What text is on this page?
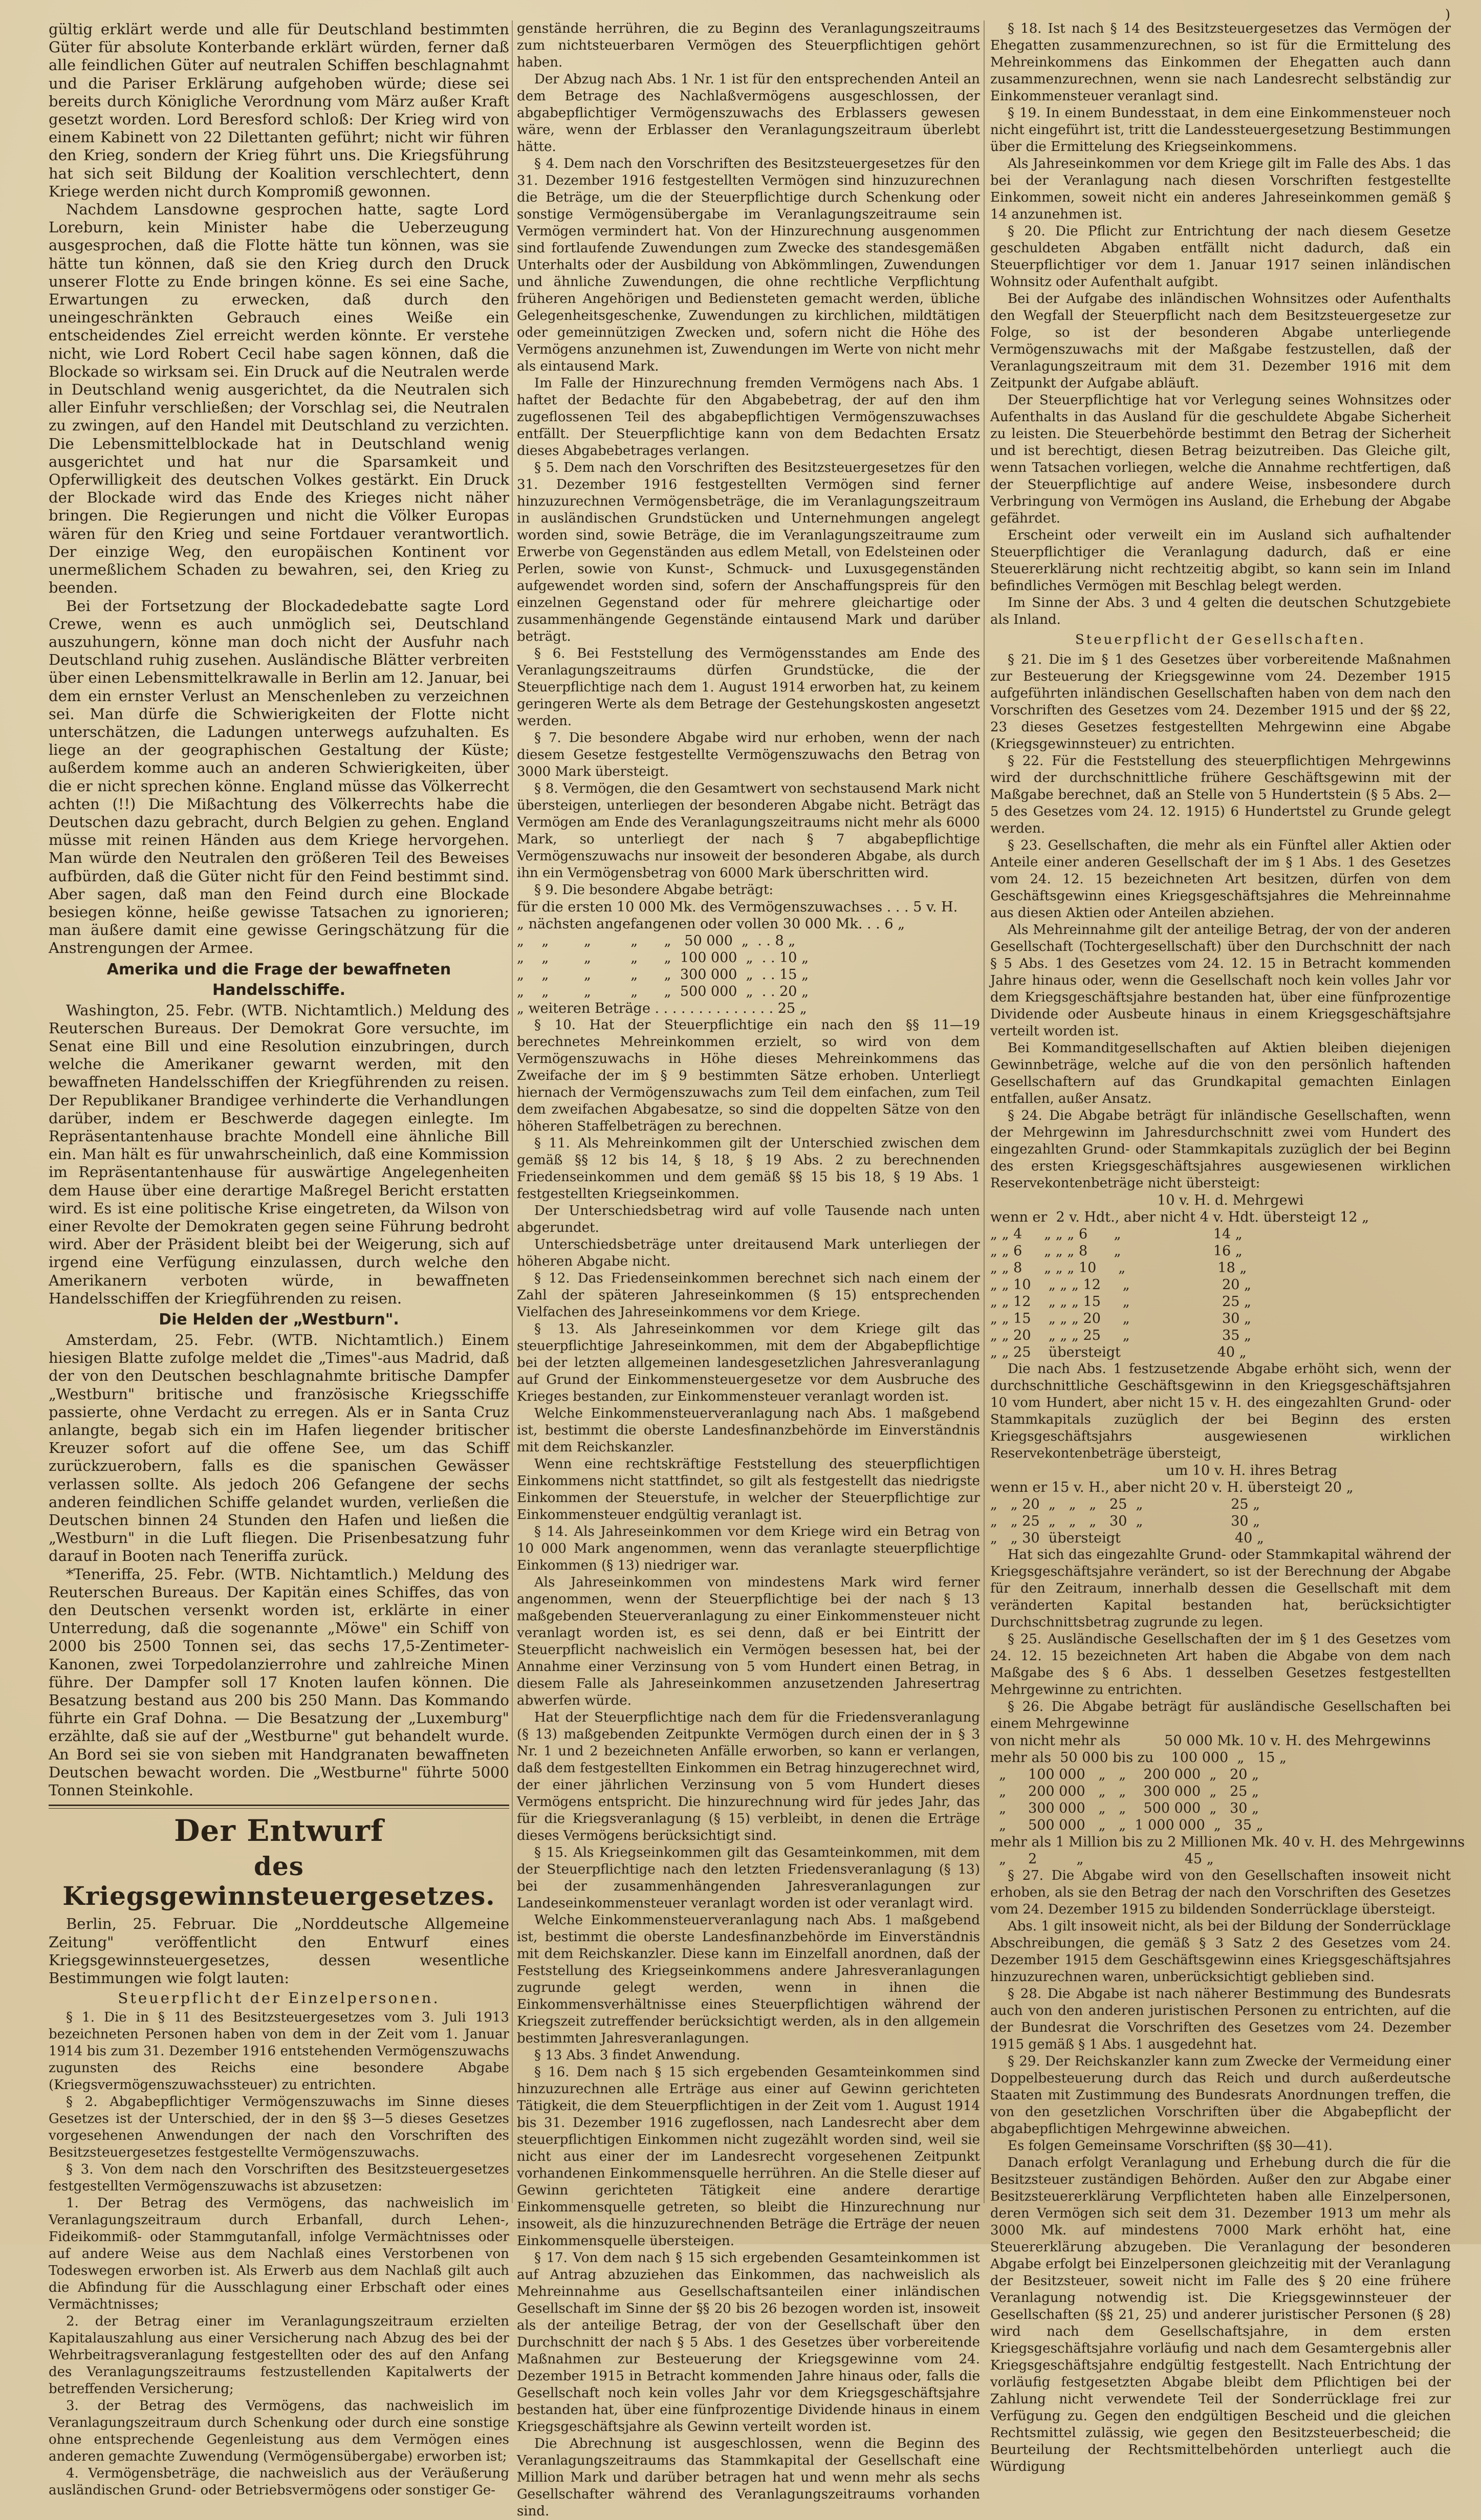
)

gültig erklärt werde und alle für Deutschland bestimmten Güter für absolute Konterbande erklärt würden, ferner daß alle feindlichen Güter auf neutralen Schiffen beschlagnahmt und die Pariser Erklärung aufgehoben würde; diese sei bereits durch Königliche Verordnung vom März außer Kraft gesetzt worden. Lord Beresford schloß: Der Krieg wird von einem Kabinett von 22 Dilettanten geführt; nicht wir führen den Krieg, sondern der Krieg führt uns. Die Kriegsführung hat sich seit Bildung der Koalition verschlechtert, denn Kriege werden nicht durch Kompromiß gewonnen.

Nachdem Lansdowne gesprochen hatte, sagte Lord Loreburn, kein Minister habe die Ueberzeugung ausgesprochen, daß die Flotte hätte tun können, was sie hätte tun können, daß sie den Krieg durch den Druck unserer Flotte zu Ende bringen könne. Es sei eine Sache, Erwartungen zu erwecken, daß durch den uneingeschränkten Gebrauch eines Weiße ein entscheidendes Ziel erreicht werden könnte. Er verstehe nicht, wie Lord Robert Cecil habe sagen können, daß die Blockade so wirksam sei. Ein Druck auf die Neutralen werde in Deutschland wenig ausgerichtet, da die Neutralen sich aller Einfuhr verschließen; der Vorschlag sei, die Neutralen zu zwingen, auf den Handel mit Deutschland zu verzichten. Die Lebensmittelblockade hat in Deutschland wenig ausgerichtet und hat nur die Sparsamkeit und Opferwilligkeit des deutschen Volkes gestärkt. Ein Druck der Blockade wird das Ende des Krieges nicht näher bringen. Die Regierungen und nicht die Völker Europas wären für den Krieg und seine Fortdauer verantwortlich. Der einzige Weg, den europäischen Kontinent vor unermeßlichem Schaden zu bewahren, sei, den Krieg zu beenden.

Bei der Fortsetzung der Blockadedebatte sagte Lord Crewe, wenn es auch unmöglich sei, Deutschland auszuhungern, könne man doch nicht der Ausfuhr nach Deutschland ruhig zusehen. Ausländische Blätter verbreiten über einen Lebensmittelkrawalle in Berlin am 12. Januar, bei dem ein ernster Verlust an Menschenleben zu verzeichnen sei. Man dürfe die Schwierigkeiten der Flotte nicht unterschätzen, die Ladungen unterwegs aufzuhalten. Es liege an der geographischen Gestaltung der Küste; außerdem komme auch an anderen Schwierigkeiten, über die er nicht sprechen könne. England müsse das Völkerrecht achten (!!) Die Mißachtung des Völkerrechts habe die Deutschen dazu gebracht, durch Belgien zu gehen. England müsse mit reinen Händen aus dem Kriege hervorgehen. Man würde den Neutralen den größeren Teil des Beweises aufbürden, daß die Güter nicht für den Feind bestimmt sind. Aber sagen, daß man den Feind durch eine Blockade besiegen könne, heiße gewisse Tatsachen zu ignorieren; man äußere damit eine gewisse Geringschätzung für die Anstrengungen der Armee.

Amerika und die Frage der bewaffneten
Handelsschiffe.

Washington, 25. Febr. (WTB. Nichtamtlich.) Meldung des Reuterschen Bureaus. Der Demokrat Gore versuchte, im Senat eine Bill und eine Resolution einzubringen, durch welche die Amerikaner gewarnt werden, mit den bewaffneten Handelsschiffen der Kriegführenden zu reisen. Der Republikaner Brandigee verhinderte die Verhandlungen darüber, indem er Beschwerde dagegen einlegte. Im Repräsentantenhause brachte Mondell eine ähnliche Bill ein. Man hält es für unwahrscheinlich, daß eine Kommission im Repräsentantenhause für auswärtige Angelegenheiten dem Hause über eine derartige Maßregel Bericht erstatten wird. Es ist eine politische Krise eingetreten, da Wilson von einer Revolte der Demokraten gegen seine Führung bedroht wird. Aber der Präsident bleibt bei der Weigerung, sich auf irgend eine Verfügung einzulassen, durch welche den Amerikanern verboten würde, in bewaffneten Handelsschiffen der Kriegführenden zu reisen.

Die Helden der „Westburn".

Amsterdam, 25. Febr. (WTB. Nichtamtlich.) Einem hiesigen Blatte zufolge meldet die „Times"-aus Madrid, daß der von den Deutschen beschlagnahmte britische Dampfer „Westburn" britische und französische Kriegsschiffe passierte, ohne Verdacht zu erregen. Als er in Santa Cruz anlangte, begab sich ein im Hafen liegender britischer Kreuzer sofort auf die offene See, um das Schiff zurückzuerobern, falls es die spanischen Gewässer verlassen sollte. Als jedoch 206 Gefangene der sechs anderen feindlichen Schiffe gelandet wurden, verließen die Deutschen binnen 24 Stunden den Hafen und ließen die „Westburn" in die Luft fliegen. Die Prisenbesatzung fuhr darauf in Booten nach Teneriffa zurück.

*Teneriffa, 25. Febr. (WTB. Nichtamtlich.) Meldung des Reuterschen Bureaus. Der Kapitän eines Schiffes, das von den Deutschen versenkt worden ist, erklärte in einer Unterredung, daß die sogenannte „Möwe" ein Schiff von 2000 bis 2500 Tonnen sei, das sechs 17,5-Zentimeter-Kanonen, zwei Torpedolanzierrohre und zahlreiche Minen führe. Der Dampfer soll 17 Knoten laufen können. Die Besatzung bestand aus 200 bis 250 Mann. Das Kommando führte ein Graf Dohna. — Die Besatzung der „Luxemburg" erzählte, daß sie auf der „Westburne" gut behandelt wurde. An Bord sei sie von sieben mit Handgranaten bewaffneten Deutschen bewacht worden. Die „Westburne" führte 5000 Tonnen Steinkohle.

Der Entwurf
des Kriegsgewinnsteuergesetzes.

Berlin, 25. Februar. Die „Norddeutsche Allgemeine Zeitung" veröffentlicht den Entwurf eines Kriegsgewinnsteuergesetzes, dessen wesentliche Bestimmungen wie folgt lauten:

Steuerpflicht der Einzelpersonen.

§ 1. Die in § 11 des Besitzsteuergesetzes vom 3. Juli 1913 bezeichneten Personen haben von dem in der Zeit vom 1. Januar 1914 bis zum 31. Dezember 1916 entstehenden Vermögenszuwachs zugunsten des Reichs eine besondere Abgabe (Kriegsvermögenszuwachssteuer) zu entrichten.

§ 2. Abgabepflichtiger Vermögenszuwachs im Sinne dieses Gesetzes ist der Unterschied, der in den §§ 3—5 dieses Gesetzes vorgesehenen Anwendungen der nach den Vorschriften des Besitzsteuergesetzes festgestellte Vermögenszuwachs.

§ 3. Von dem nach den Vorschriften des Besitzsteuergesetzes festgestellten Vermögenszuwachs ist abzusetzen:

1. Der Betrag des Vermögens, das nachweislich im Veranlagungszeitraum durch Erbanfall, durch Lehen-, Fideikommiß- oder Stammgutanfall, infolge Vermächtnisses oder auf andere Weise aus dem Nachlaß eines Verstorbenen von Todeswegen erworben ist. Als Erwerb aus dem Nachlaß gilt auch die Abfindung für die Ausschlagung einer Erbschaft oder eines Vermächtnisses;

2. der Betrag einer im Veranlagungszeitraum erzielten Kapitalauszahlung aus einer Versicherung nach Abzug des bei der Wehrbeitragsveranlagung festgestellten oder des auf den Anfang des Veranlagungszeitraums festzustellenden Kapitalwerts der betreffenden Versicherung;

3. der Betrag des Vermögens, das nachweislich im Veranlagungszeitraum durch Schenkung oder durch eine sonstige ohne entsprechende Gegenleistung aus dem Vermögen eines anderen gemachte Zuwendung (Vermögensübergabe) erworben ist;

4. Vermögensbeträge, die nachweislich aus der Veräußerung ausländischen Grund- oder Betriebsvermögens oder sonstiger Ge-

genstände herrühren, die zu Beginn des Veranlagungszeitraums zum nichtsteuerbaren Vermögen des Steuerpflichtigen gehört haben.

Der Abzug nach Abs. 1 Nr. 1 ist für den entsprechenden Anteil an dem Betrage des Nachlaßvermögens ausgeschlossen, der abgabepflichtiger Vermögenszuwachs des Erblassers gewesen wäre, wenn der Erblasser den Veranlagungszeitraum überlebt hätte.

§ 4. Dem nach den Vorschriften des Besitzsteuergesetzes für den 31. Dezember 1916 festgestellten Vermögen sind hinzuzurechnen die Beträge, um die der Steuerpflichtige durch Schenkung oder sonstige Vermögensübergabe im Veranlagungszeitraume sein Vermögen vermindert hat. Von der Hinzurechnung ausgenommen sind fortlaufende Zuwendungen zum Zwecke des standesgemäßen Unterhalts oder der Ausbildung von Abkömmlingen, Zuwendungen und ähnliche Zuwendungen, die ohne rechtliche Verpflichtung früheren Angehörigen und Bediensteten gemacht werden, übliche Gelegenheitsgeschenke, Zuwendungen zu kirchlichen, mildtätigen oder gemeinnützigen Zwecken und, sofern nicht die Höhe des Vermögens anzunehmen ist, Zuwendungen im Werte von nicht mehr als eintausend Mark.

Im Falle der Hinzurechnung fremden Vermögens nach Abs. 1 haftet der Bedachte für den Abgabebetrag, der auf den ihm zugeflossenen Teil des abgabepflichtigen Vermögenszuwachses entfällt. Der Steuerpflichtige kann von dem Bedachten Ersatz dieses Abgabebetrages verlangen.

§ 5. Dem nach den Vorschriften des Besitzsteuergesetzes für den 31. Dezember 1916 festgestellten Vermögen sind ferner hinzuzurechnen Vermögensbeträge, die im Veranlagungszeitraum in ausländischen Grundstücken und Unternehmungen angelegt worden sind, sowie Beträge, die im Veranlagungszeitraume zum Erwerbe von Gegenständen aus edlem Metall, von Edelsteinen oder Perlen, sowie von Kunst-, Schmuck- und Luxusgegenständen aufgewendet worden sind, sofern der Anschaffungspreis für den einzelnen Gegenstand oder für mehrere gleichartige oder zusammenhängende Gegenstände eintausend Mark und darüber beträgt.

§ 6. Bei Feststellung des Vermögensstandes am Ende des Veranlagungszeitraums dürfen Grundstücke, die der Steuerpflichtige nach dem 1. August 1914 erworben hat, zu keinem geringeren Werte als dem Betrage der Gestehungskosten angesetzt werden.

§ 7. Die besondere Abgabe wird nur erhoben, wenn der nach diesem Gesetze festgestellte Vermögenszuwachs den Betrag von 3000 Mark übersteigt.

§ 8. Vermögen, die den Gesamtwert von sechstausend Mark nicht übersteigen, unterliegen der besonderen Abgabe nicht. Beträgt das Vermögen am Ende des Veranlagungszeitraums nicht mehr als 6000 Mark, so unterliegt der nach § 7 abgabepflichtige Vermögenszuwachs nur insoweit der besonderen Abgabe, als durch ihn ein Vermögensbetrag von 6000 Mark überschritten wird.

§ 9. Die besondere Abgabe beträgt:

für die ersten 10 000 Mk. des Vermögenszuwachses . . . 5 v. H.
„ nächsten angefangenen oder vollen 30 000 Mk. . . 6 „
„    „        „         „      „   50 000  „  . . 8 „
„    „        „         „      „  100 000  „  . . 10 „
„    „        „         „      „  300 000  „  . . 15 „
„    „        „         „      „  500 000  „  . . 20 „
„ weiteren Beträge . . . . . . . . . . . . . . 25 „

§ 10. Hat der Steuerpflichtige ein nach den §§ 11—19 berechnetes Mehreinkommen erzielt, so wird von dem Vermögenszuwachs in Höhe dieses Mehreinkommens das Zweifache der im § 9 bestimmten Sätze erhoben. Unterliegt hiernach der Vermögenszuwachs zum Teil dem einfachen, zum Teil dem zweifachen Abgabesatze, so sind die doppelten Sätze von den höheren Staffelbeträgen zu berechnen.

§ 11. Als Mehreinkommen gilt der Unterschied zwischen dem gemäß §§ 12 bis 14, § 18, § 19 Abs. 2 zu berechnenden Friedenseinkommen und dem gemäß §§ 15 bis 18, § 19 Abs. 1 festgestellten Kriegseinkommen.

Der Unterschiedsbetrag wird auf volle Tausende nach unten abgerundet.

Unterschiedsbeträge unter dreitausend Mark unterliegen der höheren Abgabe nicht.

§ 12. Das Friedenseinkommen berechnet sich nach einem der Zahl der späteren Jahreseinkommen (§ 15) entsprechenden Vielfachen des Jahreseinkommens vor dem Kriege.

§ 13. Als Jahreseinkommen vor dem Kriege gilt das steuerpflichtige Jahreseinkommen, mit dem der Abgabepflichtige bei der letzten allgemeinen landesgesetzlichen Jahresveranlagung auf Grund der Einkommensteuergesetze vor dem Ausbruche des Krieges bestanden, zur Einkommensteuer veranlagt worden ist.

Welche Einkommensteuerveranlagung nach Abs. 1 maßgebend ist, bestimmt die oberste Landesfinanzbehörde im Einverständnis mit dem Reichskanzler.

Wenn eine rechtskräftige Feststellung des steuerpflichtigen Einkommens nicht stattfindet, so gilt als festgestellt das niedrigste Einkommen der Steuerstufe, in welcher der Steuerpflichtige zur Einkommensteuer endgültig veranlagt ist.

§ 14. Als Jahreseinkommen vor dem Kriege wird ein Betrag von 10 000 Mark angenommen, wenn das veranlagte steuerpflichtige Einkommen (§ 13) niedriger war.

Als Jahreseinkommen von mindestens Mark wird ferner angenommen, wenn der Steuerpflichtige bei der nach § 13 maßgebenden Steuerveranlagung zu einer Einkommensteuer nicht veranlagt worden ist, es sei denn, daß er bei Eintritt der Steuerpflicht nachweislich ein Vermögen besessen hat, bei der Annahme einer Verzinsung von 5 vom Hundert einen Betrag, in diesem Falle als Jahreseinkommen anzusetzenden Jahresertrag abwerfen würde.

Hat der Steuerpflichtige nach dem für die Friedensveranlagung (§ 13) maßgebenden Zeitpunkte Vermögen durch einen der in § 3 Nr. 1 und 2 bezeichneten Anfälle erworben, so kann er verlangen, daß dem festgestellten Einkommen ein Betrag hinzugerechnet wird, der einer jährlichen Verzinsung von 5 vom Hundert dieses Vermögens entspricht. Die hinzurechnung wird für jedes Jahr, das für die Kriegsveranlagung (§ 15) verbleibt, in denen die Erträge dieses Vermögens berücksichtigt sind.

§ 15. Als Kriegseinkommen gilt das Gesamteinkommen, mit dem der Steuerpflichtige nach den letzten Friedensveranlagung (§ 13) bei der zusammenhängenden Jahresveranlagungen zur Landeseinkommensteuer veranlagt worden ist oder veranlagt wird.

Welche Einkommensteuerveranlagung nach Abs. 1 maßgebend ist, bestimmt die oberste Landesfinanzbehörde im Einverständnis mit dem Reichskanzler. Diese kann im Einzelfall anordnen, daß der Feststellung des Kriegseinkommens andere Jahresveranlagungen zugrunde gelegt werden, wenn in ihnen die Einkommensverhältnisse eines Steuerpflichtigen während der Kriegszeit zutreffender berücksichtigt werden, als in den allgemein bestimmten Jahresveranlagungen.

§ 13 Abs. 3 findet Anwendung.

§ 16. Dem nach § 15 sich ergebenden Gesamteinkommen sind hinzuzurechnen alle Erträge aus einer auf Gewinn gerichteten Tätigkeit, die dem Steuerpflichtigen in der Zeit vom 1. August 1914 bis 31. Dezember 1916 zugeflossen, nach Landesrecht aber dem steuerpflichtigen Einkommen nicht zugezählt worden sind, weil sie nicht aus einer der im Landesrecht vorgesehenen Zeitpunkt vorhandenen Einkommensquelle herrühren. An die Stelle dieser auf Gewinn gerichteten Tätigkeit eine andere derartige Einkommensquelle getreten, so bleibt die Hinzurechnung nur insoweit, als die hinzuzurechnenden Beträge die Erträge der neuen Einkommensquelle übersteigen.

§ 17. Von dem nach § 15 sich ergebenden Gesamteinkommen ist auf Antrag abzuziehen das Einkommen, das nachweislich als Mehreinnahme aus Gesellschaftsanteilen einer inländischen Gesellschaft im Sinne der §§ 20 bis 26 bezogen worden ist, insoweit als der anteilige Betrag, der von der Gesellschaft über den Durchschnitt der nach § 5 Abs. 1 des Gesetzes über vorbereitende Maßnahmen zur Besteuerung der Kriegsgewinne vom 24. Dezember 1915 in Betracht kommenden Jahre hinaus oder, falls die Gesellschaft noch kein volles Jahr vor dem Kriegsgeschäftsjahre bestanden hat, über eine fünfprozentige Dividende hinaus in einem Kriegsgeschäftsjahre als Gewinn verteilt worden ist.

Die Abrechnung ist ausgeschlossen, wenn die Beginn des Veranlagungszeitraums das Stammkapital der Gesellschaft eine Million Mark und darüber betragen hat und wenn mehr als sechs Gesellschafter während des Veranlagungszeitraums vorhanden sind.

§ 18. Ist nach § 14 des Besitzsteuergesetzes das Vermögen der Ehegatten zusammenzurechnen, so ist für die Ermittelung des Mehreinkommens das Einkommen der Ehegatten auch dann zusammenzurechnen, wenn sie nach Landesrecht selbständig zur Einkommensteuer veranlagt sind.

§ 19. In einem Bundesstaat, in dem eine Einkommensteuer noch nicht eingeführt ist, tritt die Landessteuergesetzung Bestimmungen über die Ermittelung des Kriegseinkommens.

Als Jahreseinkommen vor dem Kriege gilt im Falle des Abs. 1 das bei der Veranlagung nach diesen Vorschriften festgestellte Einkommen, soweit nicht ein anderes Jahreseinkommen gemäß § 14 anzunehmen ist.

§ 20. Die Pflicht zur Entrichtung der nach diesem Gesetze geschuldeten Abgaben entfällt nicht dadurch, daß ein Steuerpflichtiger vor dem 1. Januar 1917 seinen inländischen Wohnsitz oder Aufenthalt aufgibt.

Bei der Aufgabe des inländischen Wohnsitzes oder Aufenthalts den Wegfall der Steuerpflicht nach dem Besitzsteuergesetze zur Folge, so ist der besonderen Abgabe unterliegende Vermögenszuwachs mit der Maßgabe festzustellen, daß der Veranlagungszeitraum mit dem 31. Dezember 1916 mit dem Zeitpunkt der Aufgabe abläuft.

Der Steuerpflichtige hat vor Verlegung seines Wohnsitzes oder Aufenthalts in das Ausland für die geschuldete Abgabe Sicherheit zu leisten. Die Steuerbehörde bestimmt den Betrag der Sicherheit und ist berechtigt, diesen Betrag beizutreiben. Das Gleiche gilt, wenn Tatsachen vorliegen, welche die Annahme rechtfertigen, daß der Steuerpflichtige auf andere Weise, insbesondere durch Verbringung von Vermögen ins Ausland, die Erhebung der Abgabe gefährdet.

Erscheint oder verweilt ein im Ausland sich aufhaltender Steuerpflichtiger die Veranlagung dadurch, daß er eine Steuererklärung nicht rechtzeitig abgibt, so kann sein im Inland befindliches Vermögen mit Beschlag belegt werden.

Im Sinne der Abs. 3 und 4 gelten die deutschen Schutzgebiete als Inland.

Steuerpflicht der Gesellschaften.

§ 21. Die im § 1 des Gesetzes über vorbereitende Maßnahmen zur Besteuerung der Kriegsgewinne vom 24. Dezember 1915 aufgeführten inländischen Gesellschaften haben von dem nach den Vorschriften des Gesetzes vom 24. Dezember 1915 und der §§ 22, 23 dieses Gesetzes festgestellten Mehrgewinn eine Abgabe (Kriegsgewinnsteuer) zu entrichten.

§ 22. Für die Feststellung des steuerpflichtigen Mehrgewinns wird der durchschnittliche frühere Geschäftsgewinn mit der Maßgabe berechnet, daß an Stelle von 5 Hundertstein (§ 5 Abs. 2—5 des Gesetzes vom 24. 12. 1915) 6 Hundertstel zu Grunde gelegt werden.

§ 23. Gesellschaften, die mehr als ein Fünftel aller Aktien oder Anteile einer anderen Gesellschaft der im § 1 Abs. 1 des Gesetzes vom 24. 12. 15 bezeichneten Art besitzen, dürfen von dem Geschäftsgewinn eines Kriegsgeschäftsjahres die Mehreinnahme aus diesen Aktien oder Anteilen abziehen.

Als Mehreinnahme gilt der anteilige Betrag, der von der anderen Gesellschaft (Tochtergesellschaft) über den Durchschnitt der nach § 5 Abs. 1 des Gesetzes vom 24. 12. 15 in Betracht kommenden Jahre hinaus oder, wenn die Gesellschaft noch kein volles Jahr vor dem Kriegsgeschäftsjahre bestanden hat, über eine fünfprozentige Dividende oder Ausbeute hinaus in einem Kriegsgeschäftsjahre verteilt worden ist.

Bei Kommanditgesellschaften auf Aktien bleiben diejenigen Gewinnbeträge, welche auf die von den persönlich haftenden Gesellschaftern auf das Grundkapital gemachten Einlagen entfallen, außer Ansatz.

§ 24. Die Abgabe beträgt für inländische Gesellschaften, wenn der Mehrgewinn im Jahresdurchschnitt zwei vom Hundert des eingezahlten Grund- oder Stammkapitals zuzüglich der bei Beginn des ersten Kriegsgeschäftsjahres ausgewiesenen wirklichen Reservekontenbeträge nicht übersteigt:

10 v. H. d. Mehrgewi
wenn er  2 v. Hdt., aber nicht 4 v. Hdt. übersteigt 12 „
„ „ 4     „ „ „ 6      „                     14 „
„ „ 6     „ „ „ 8      „                     16 „
„ „ 8     „ „ „ 10     „                     18 „
„ „ 10    „ „ „ 12     „                     20 „
„ „ 12    „ „ „ 15     „                     25 „
„ „ 15    „ „ „ 20     „                     30 „
„ „ 20    „ „ „ 25     „                     35 „
„ „ 25    übersteigt                      40 „

Die nach Abs. 1 festzusetzende Abgabe erhöht sich, wenn der durchschnittliche Geschäftsgewinn in den Kriegsgeschäftsjahren 10 vom Hundert, aber nicht 15 v. H. des eingezahlten Grund- oder Stammkapitals zuzüglich der bei Beginn des ersten Kriegsgeschäftsjahrs ausgewiesenen wirklichen Reservekontenbeträge übersteigt,

um 10 v. H. ihres Betrag
wenn er 15 v. H., aber nicht 20 v. H. übersteigt 20 „
„   „ 20  „   „   „   25  „                    25 „
„   „ 25  „   „   „   30  „                    30 „
„   „ 30  übersteigt                          40 „

Hat sich das eingezahlte Grund- oder Stammkapital während der Kriegsgeschäftsjahre verändert, so ist der Berechnung der Abgabe für den Zeitraum, innerhalb dessen die Gesellschaft mit dem veränderten Kapital bestanden hat, berücksichtigter Durchschnittsbetrag zugrunde zu legen.

§ 25. Ausländische Gesellschaften der im § 1 des Gesetzes vom 24. 12. 15 bezeichneten Art haben die Abgabe von dem nach Maßgabe des § 6 Abs. 1 desselben Gesetzes festgestellten Mehrgewinne zu entrichten.

§ 26. Die Abgabe beträgt für ausländische Gesellschaften bei einem Mehrgewinne

von nicht mehr als          50 000 Mk. 10 v. H. des Mehrgewinns
mehr als  50 000 bis zu    100 000  „   15 „
„     100 000   „   „    200 000  „   20 „
„     200 000   „   „    300 000  „   25 „
„     300 000   „   „    500 000  „   30 „
„     500 000   „   „  1 000 000  „   35 „
mehr als 1 Million bis zu 2 Millionen Mk. 40 v. H. des Mehrgewinns
„     2         „                       45 „

§ 27. Die Abgabe wird von den Gesellschaften insoweit nicht erhoben, als sie den Betrag der nach den Vorschriften des Gesetzes vom 24. Dezember 1915 zu bildenden Sonderrücklage übersteigt.

Abs. 1 gilt insoweit nicht, als bei der Bildung der Sonderrücklage Abschreibungen, die gemäß § 3 Satz 2 des Gesetzes vom 24. Dezember 1915 dem Geschäftsgewinn eines Kriegsgeschäftsjahres hinzuzurechnen waren, unberücksichtigt geblieben sind.

§ 28. Die Abgabe ist nach näherer Bestimmung des Bundesrats auch von den anderen juristischen Personen zu entrichten, auf die der Bundesrat die Vorschriften des Gesetzes vom 24. Dezember 1915 gemäß § 1 Abs. 1 ausgedehnt hat.

§ 29. Der Reichskanzler kann zum Zwecke der Vermeidung einer Doppelbesteuerung durch das Reich und durch außerdeutsche Staaten mit Zustimmung des Bundesrats Anordnungen treffen, die von den gesetzlichen Vorschriften über die Abgabepflicht der abgabepflichtigen Mehrgewinne abweichen.

Es folgen Gemeinsame Vorschriften (§§ 30—41).

Danach erfolgt Veranlagung und Erhebung durch die für die Besitzsteuer zuständigen Behörden. Außer den zur Abgabe einer Besitzsteuererklärung Verpflichteten haben alle Einzelpersonen, deren Vermögen sich seit dem 31. Dezember 1913 um mehr als 3000 Mk. auf mindestens 7000 Mark erhöht hat, eine Steuererklärung abzugeben. Die Veranlagung der besonderen Abgabe erfolgt bei Einzelpersonen gleichzeitig mit der Veranlagung der Besitzsteuer, soweit nicht im Falle des § 20 eine frühere Veranlagung notwendig ist. Die Kriegsgewinnsteuer der Gesellschaften (§§ 21, 25) und anderer juristischer Personen (§ 28) wird nach dem Gesellschaftsjahre, in dem ersten Kriegsgeschäftsjahre vorläufig und nach dem Gesamtergebnis aller Kriegsgeschäftsjahre endgültig festgestellt. Nach Entrichtung der vorläufig festgesetzten Abgabe bleibt dem Pflichtigen bei der Zahlung nicht verwendete Teil der Sonderrücklage frei zur Verfügung zu. Gegen den endgültigen Bescheid und die gleichen Rechtsmittel zulässig, wie gegen den Besitzsteuerbescheid; die Beurteilung der Rechtsmittelbehörden unterliegt auch die Würdigung
